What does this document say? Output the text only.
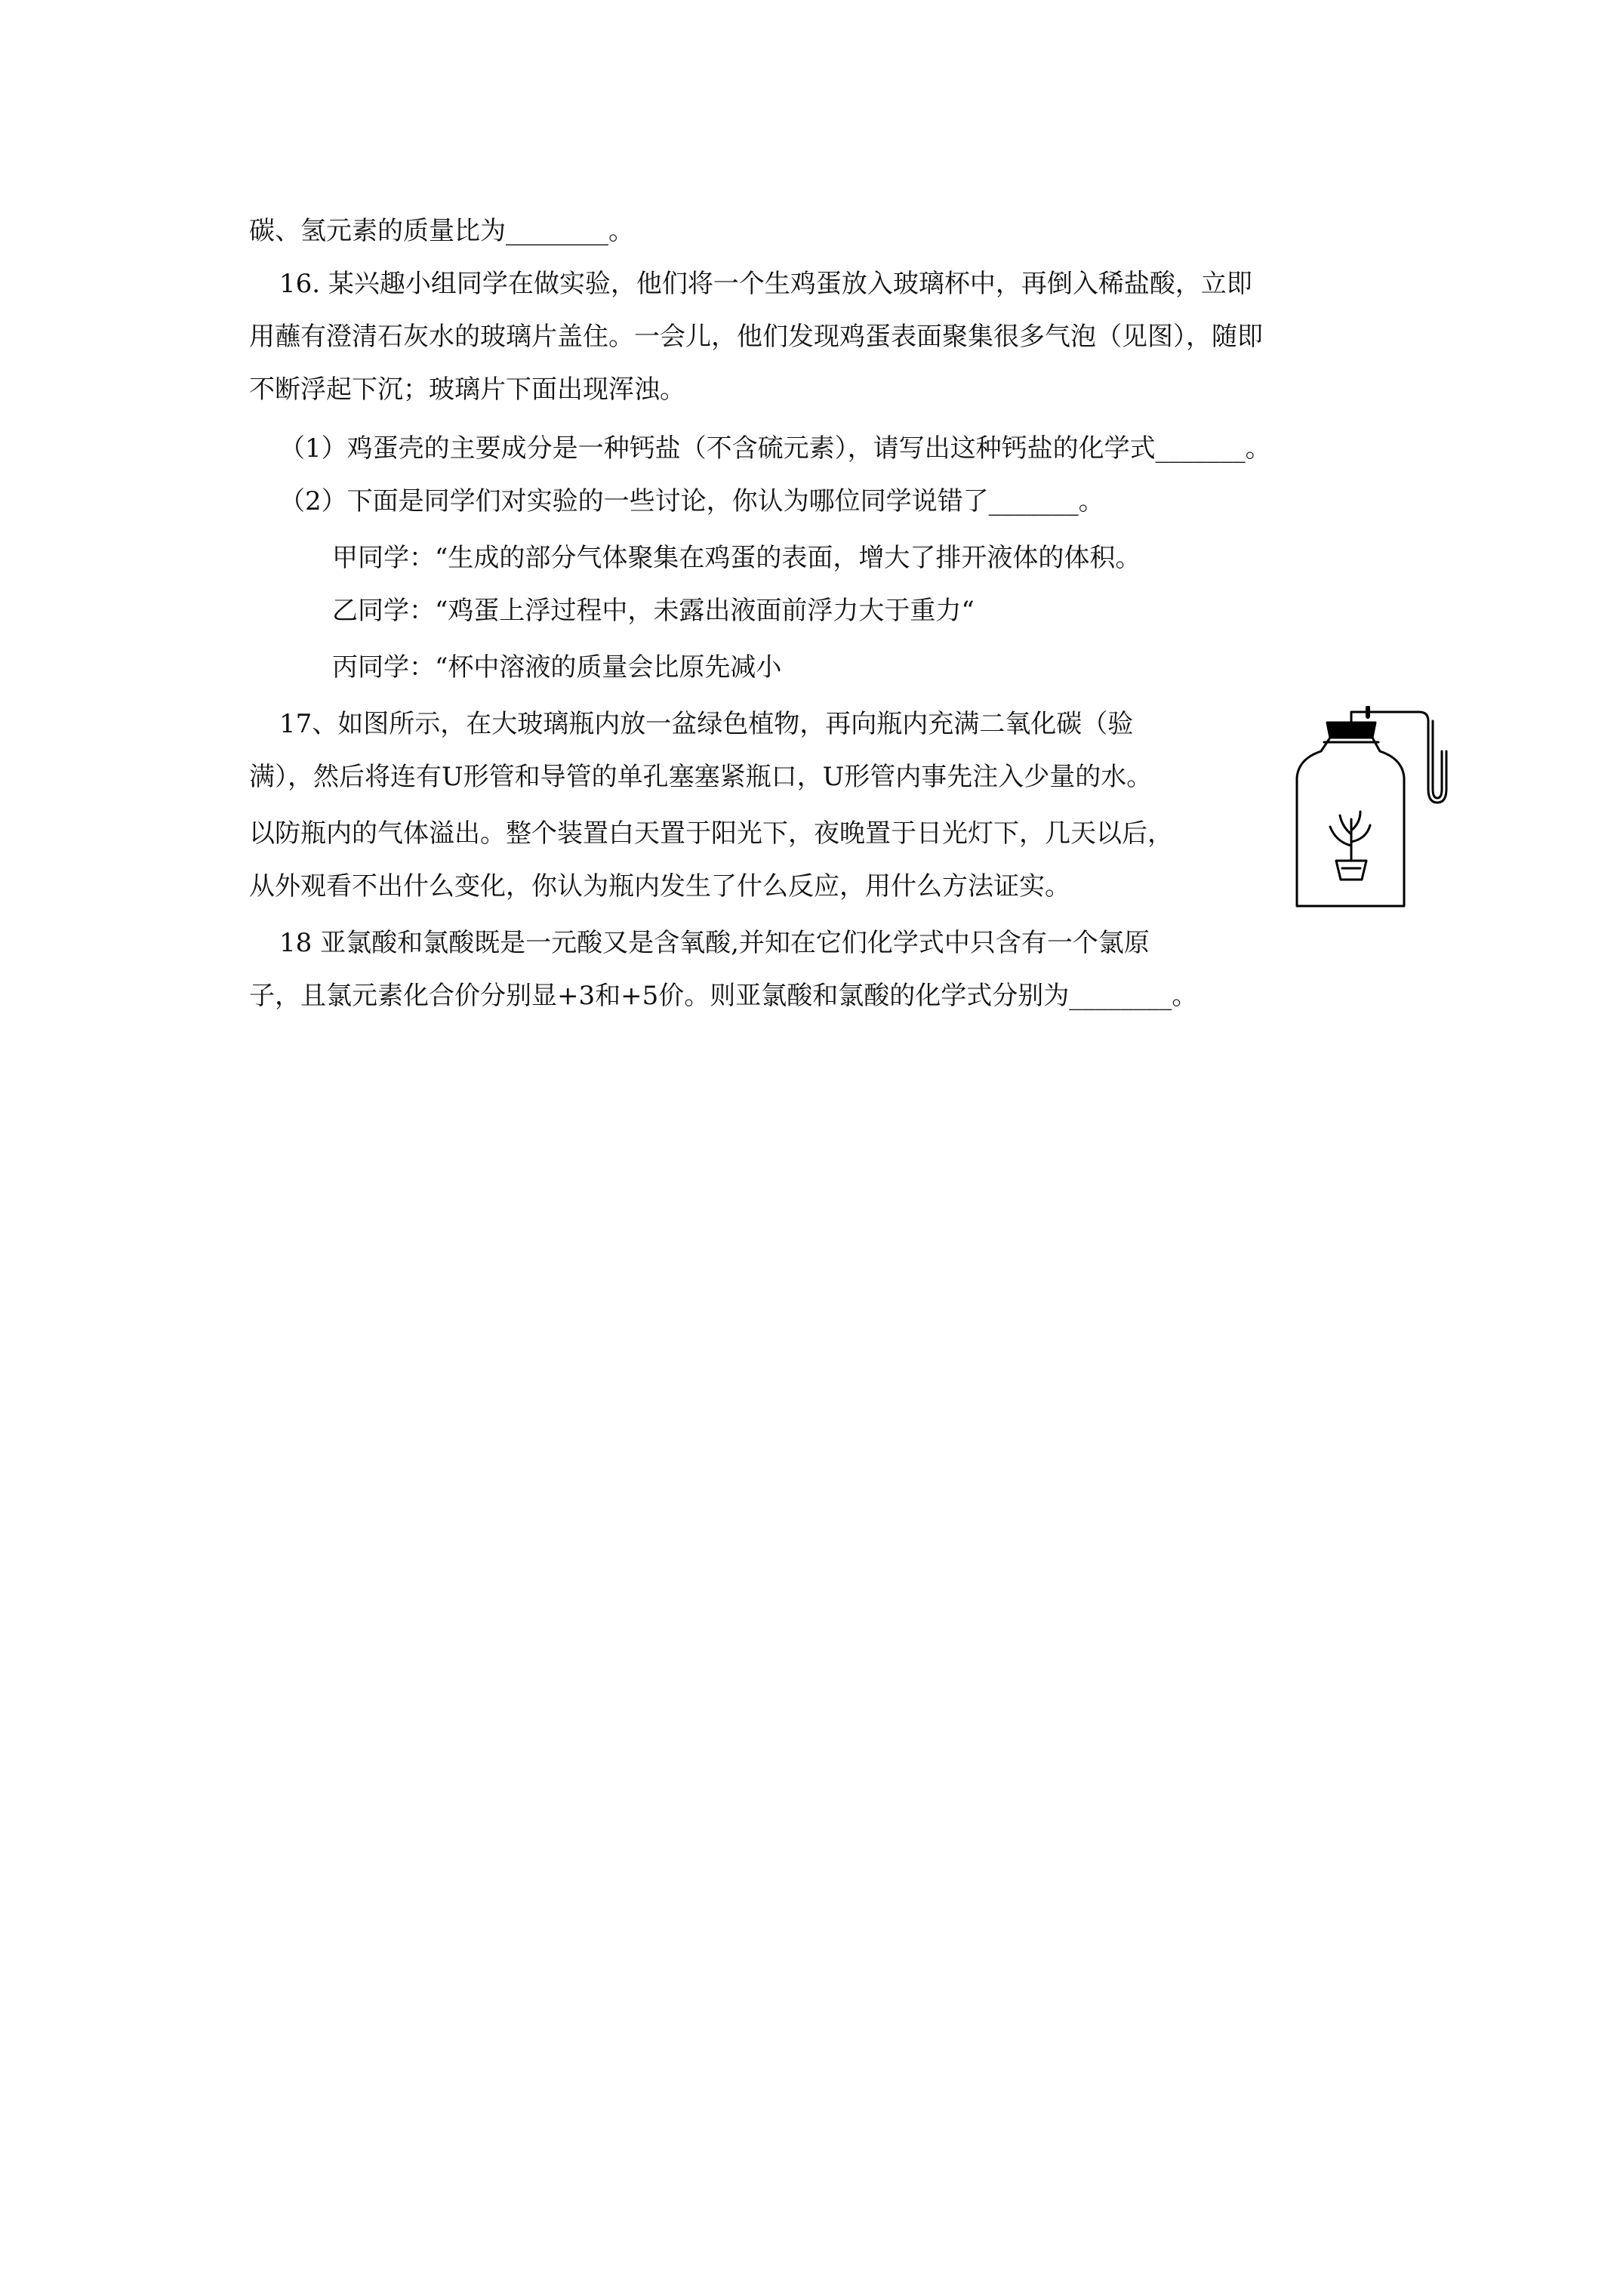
碳、氢元素的质量比为________。
16. 某兴趣小组同学在做实验，他们将一个生鸡蛋放入玻璃杯中，再倒入稀盐酸，立即
用蘸有澄清石灰水的玻璃片盖住。一会儿，他们发现鸡蛋表面聚集很多气泡（见图），随即
不断浮起下沉；玻璃片下面出现浑浊。
（1）鸡蛋壳的主要成分是一种钙盐（不含硫元素），请写出这种钙盐的化学式_______。
（2）下面是同学们对实验的一些讨论，你认为哪位同学说错了_______。
甲同学：“生成的部分气体聚集在鸡蛋的表面，增大了排开液体的体积。
乙同学：“鸡蛋上浮过程中，未露出液面前浮力大于重力“
丙同学：“杯中溶液的质量会比原先减小
17、如图所示，在大玻璃瓶内放一盆绿色植物，再向瓶内充满二氧化碳（验
满），然后将连有U形管和导管的单孔塞塞紧瓶口，U形管内事先注入少量的水。
以防瓶内的气体溢出。整个装置白天置于阳光下，夜晚置于日光灯下，几天以后，
从外观看不出什么变化，你认为瓶内发生了什么反应，用什么方法证实。
18 亚氯酸和氯酸既是一元酸又是含氧酸,并知在它们化学式中只含有一个氯原
子，且氯元素化合价分别显+3和+5价。则亚氯酸和氯酸的化学式分别为________。
